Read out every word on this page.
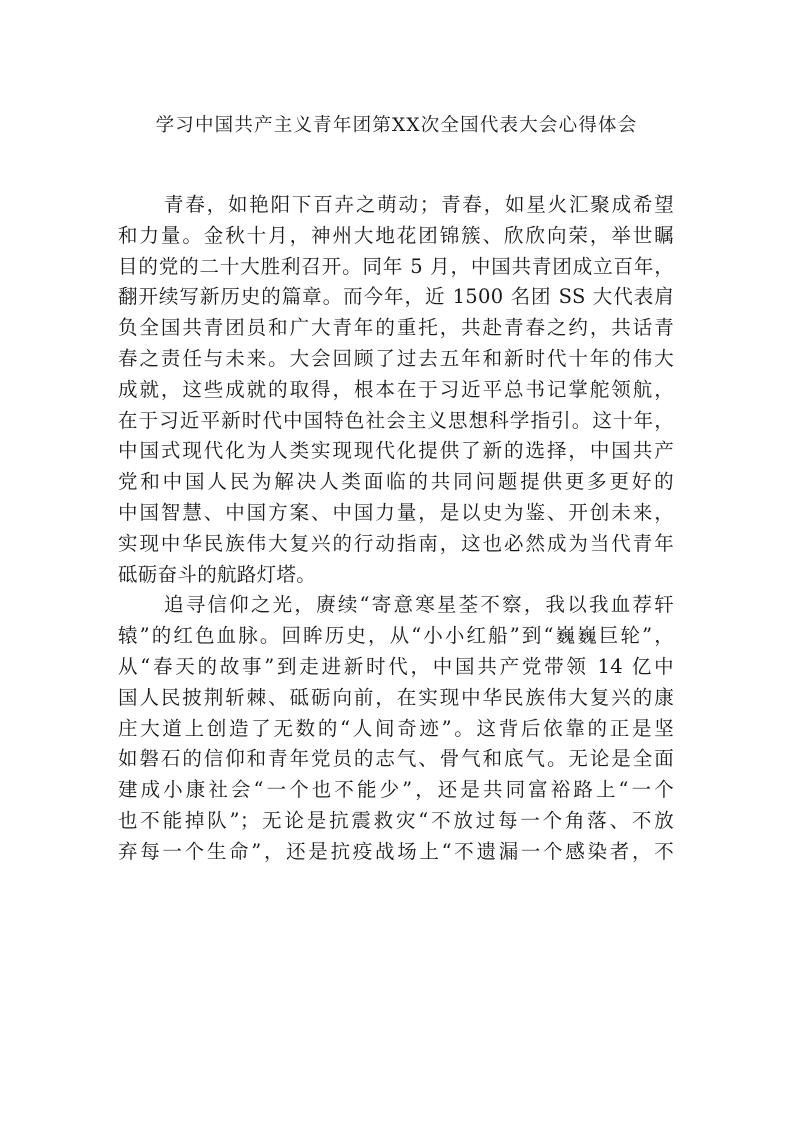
学习中国共产主义青年团第XX次全国代表大会心得体会
青春，如艳阳下百卉之萌动；青春，如星火汇聚成希望
和力量。金秋十月，神州大地花团锦簇、欣欣向荣，举世瞩
目的党的二十大胜利召开。同年 5 月，中国共青团成立百年，
翻开续写新历史的篇章。而今年，近 1500 名团 SS 大代表肩
负全国共青团员和广大青年的重托，共赴青春之约，共话青
春之责任与未来。大会回顾了过去五年和新时代十年的伟大
成就，这些成就的取得，根本在于习近平总书记掌舵领航，
在于习近平新时代中国特色社会主义思想科学指引。这十年，
中国式现代化为人类实现现代化提供了新的选择，中国共产
党和中国人民为解决人类面临的共同问题提供更多更好的
中国智慧、中国方案、中国力量，是以史为鉴、开创未来，
实现中华民族伟大复兴的行动指南，这也必然成为当代青年
砥砺奋斗的航路灯塔。
追寻信仰之光，赓续“寄意寒星荃不察，我以我血荐轩
辕”的红色血脉。回眸历史，从“小小红船”到“巍巍巨轮”，
从“春天的故事”到走进新时代，中国共产党带领 14 亿中
国人民披荆斩棘、砥砺向前，在实现中华民族伟大复兴的康
庄大道上创造了无数的“人间奇迹”。这背后依靠的正是坚
如磐石的信仰和青年党员的志气、骨气和底气。无论是全面
建成小康社会“一个也不能少”，还是共同富裕路上“一个
也不能掉队”；无论是抗震救灾“不放过每一个角落、不放
弃每一个生命”，还是抗疫战场上“不遗漏一个感染者，不
